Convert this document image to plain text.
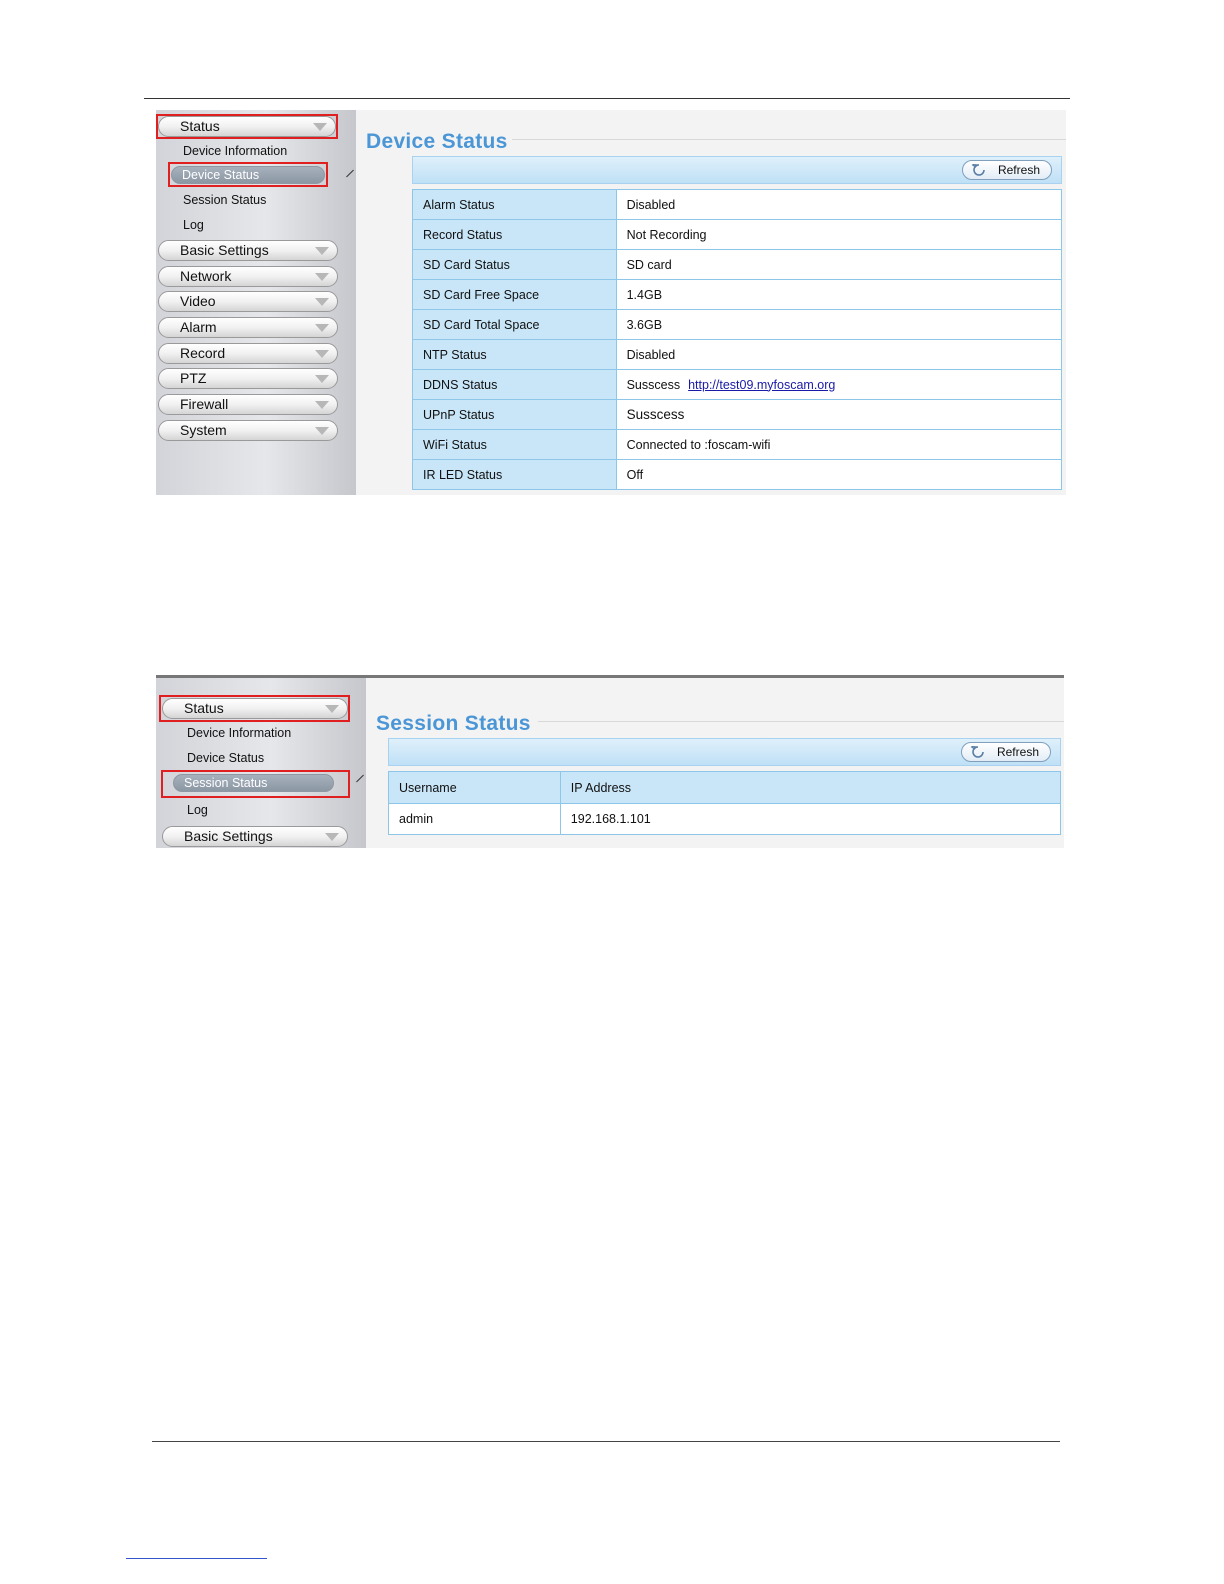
Status
Device Information
Device Status
Session Status
Log
Basic Settings
Network
Video
Alarm
Record
PTZ
Firewall
System
Device Status
Refresh
Alarm Status	Disabled
Record Status	Not Recording
SD Card Status	SD card
SD Card Free Space	1.4GB
SD Card Total Space	3.6GB
NTP Status	Disabled
DDNS Status	Susscess http://test09.myfoscam.org
UPnP Status	Susscess
WiFi Status	Connected to :foscam-wifi
IR LED Status	Off
Status
Device Information
Device Status
Session Status
Log
Basic Settings
Session Status
Refresh
Username	IP Address
admin	192.168.1.101
